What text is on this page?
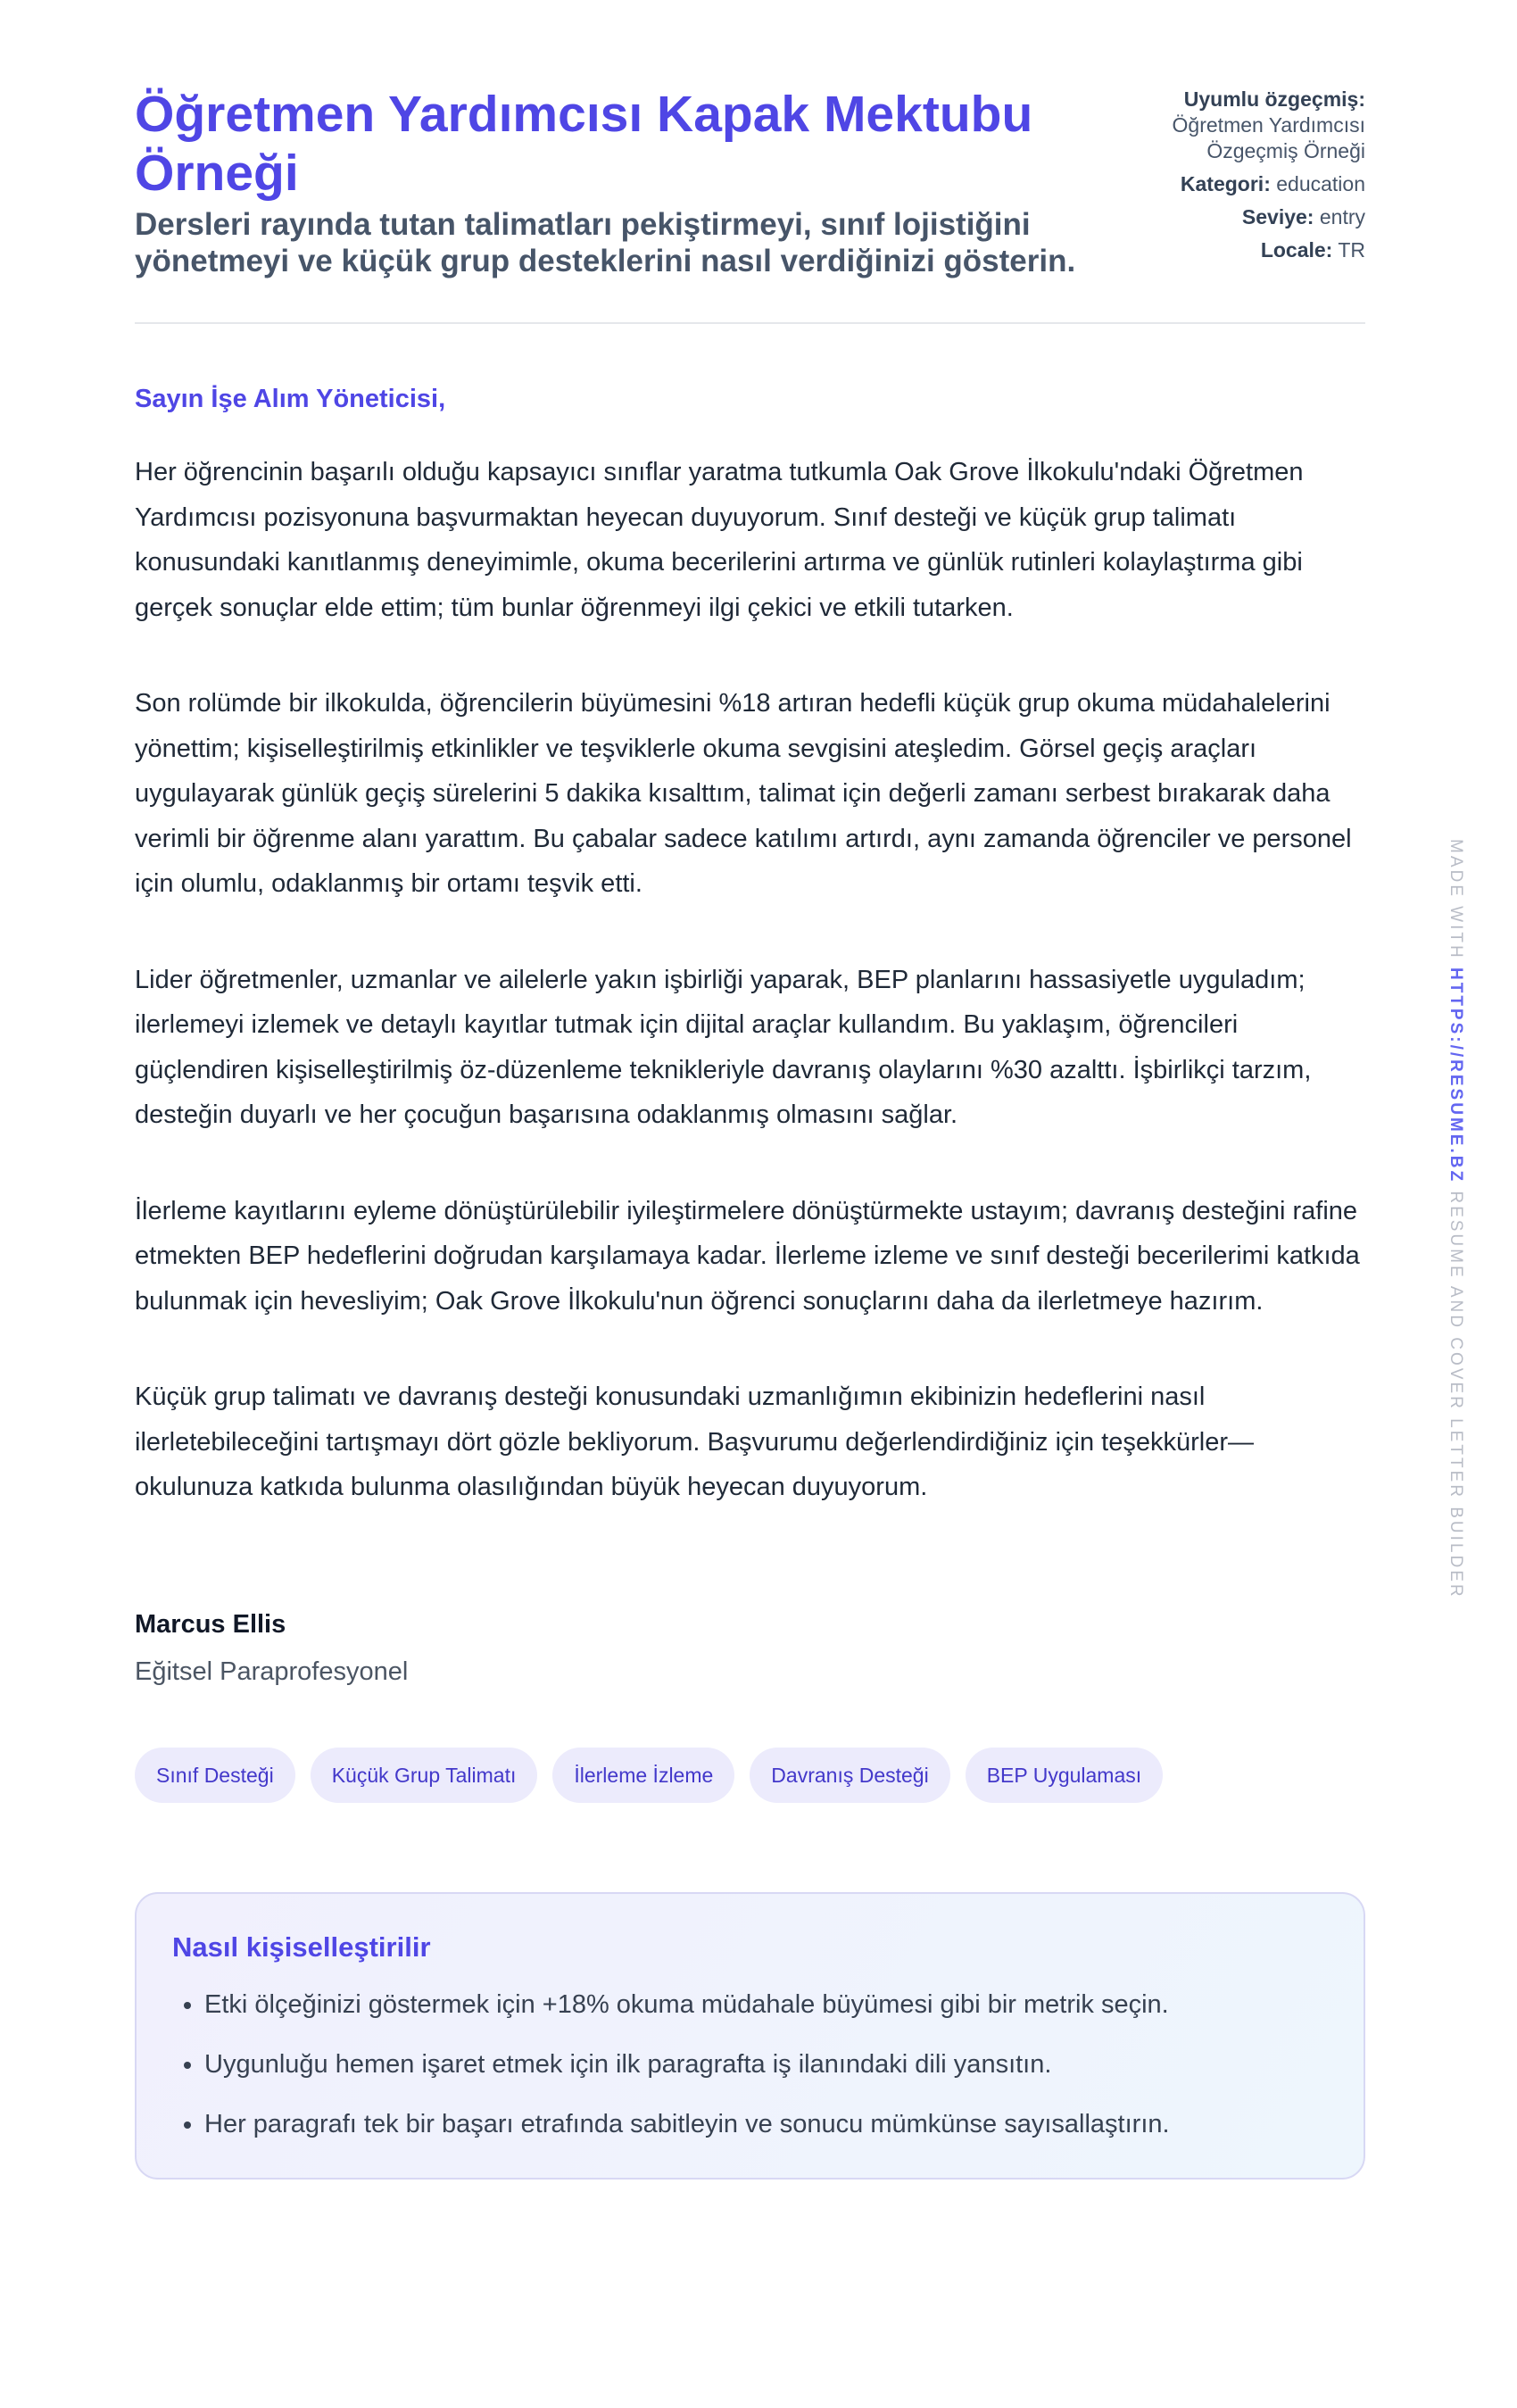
Öğretmen Yardımcısı Kapak Mektubu Örneği

Dersleri rayında tutan talimatları pekiştirmeyi, sınıf lojistiğini yönetmeyi ve küçük grup desteklerini nasıl verdiğinizi gösterin.

Uyumlu özgeçmiş:
Öğretmen Yardımcısı Özgeçmiş Örneği
Kategori: education
Seviye: entry
Locale: TR
Sayın İşe Alım Yöneticisi,

Her öğrencinin başarılı olduğu kapsayıcı sınıflar yaratma tutkumla Oak Grove İlkokulu'ndaki Öğretmen Yardımcısı pozisyonuna başvurmaktan heyecan duyuyorum. Sınıf desteği ve küçük grup talimatı konusundaki kanıtlanmış deneyimimle, okuma becerilerini artırma ve günlük rutinleri kolaylaştırma gibi gerçek sonuçlar elde ettim; tüm bunlar öğrenmeyi ilgi çekici ve etkili tutarken.

Son rolümde bir ilkokulda, öğrencilerin büyümesini %18 artıran hedefli küçük grup okuma müdahalelerini yönettim; kişiselleştirilmiş etkinlikler ve teşviklerle okuma sevgisini ateşledim. Görsel geçiş araçları uygulayarak günlük geçiş sürelerini 5 dakika kısalttım, talimat için değerli zamanı serbest bırakarak daha verimli bir öğrenme alanı yarattım. Bu çabalar sadece katılımı artırdı, aynı zamanda öğrenciler ve personel için olumlu, odaklanmış bir ortamı teşvik etti.

Lider öğretmenler, uzmanlar ve ailelerle yakın işbirliği yaparak, BEP planlarını hassasiyetle uyguladım; ilerlemeyi izlemek ve detaylı kayıtlar tutmak için dijital araçlar kullandım. Bu yaklaşım, öğrencileri güçlendiren kişiselleştirilmiş öz-düzenleme teknikleriyle davranış olaylarını %30 azalttı. İşbirlikçi tarzım, desteğin duyarlı ve her çocuğun başarısına odaklanmış olmasını sağlar.

İlerleme kayıtlarını eyleme dönüştürülebilir iyileştirmelere dönüştürmekte ustayım; davranış desteğini rafine etmekten BEP hedeflerini doğrudan karşılamaya kadar. İlerleme izleme ve sınıf desteği becerilerimi katkıda bulunmak için hevesliyim; Oak Grove İlkokulu'nun öğrenci sonuçlarını daha da ilerletmeye hazırım.

Küçük grup talimatı ve davranış desteği konusundaki uzmanlığımın ekibinizin hedeflerini nasıl ilerletebileceğini tartışmayı dört gözle bekliyorum. Başvurumu değerlendirdiğiniz için teşekkürler—okulunuza katkıda bulunma olasılığından büyük heyecan duyuyorum.

Marcus Ellis
Eğitsel Paraprofesyonel
Sınıf Desteği	Küçük Grup Talimatı	İlerleme İzleme	Davranış Desteği	BEP Uygulaması
Nasıl kişiselleştirilir
• Etki ölçeğinizi göstermek için +18% okuma müdahale büyümesi gibi bir metrik seçin.
• Uygunluğu hemen işaret etmek için ilk paragrafta iş ilanındaki dili yansıtın.
• Her paragrafı tek bir başarı etrafında sabitleyin ve sonucu mümkünse sayısallaştırın.
MADE WITH HTTPS://RESUME.BZ RESUME AND COVER LETTER BUILDER
